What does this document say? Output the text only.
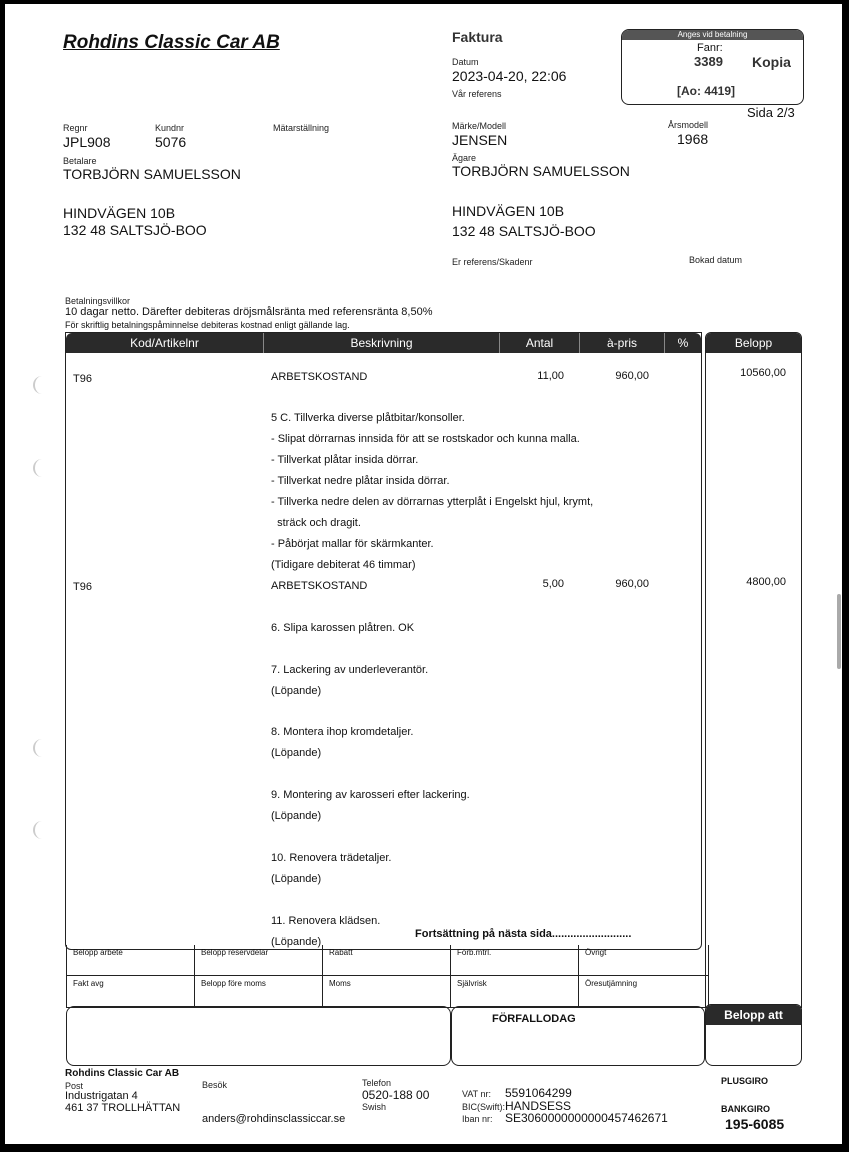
Rohdins Classic Car AB	Faktura
Datum
2023-04-20, 22:06
Vår referens
Anges vid betalning
Fanr:
3389 Kopia
[Ao: 4419]
Sida 2/3
Regnr
JPL908
Kundnr
5076
Mätarställning	Märke/Modell
JENSEN
Årsmodell
1968
Betalare
TORBJÖRN SAMUELSSON
HINDVÄGEN 10B
132 48 SALTSJÖ-BOO
Ägare
TORBJÖRN SAMUELSSON
HINDVÄGEN 10B
132 48 SALTSJÖ-BOO
Er referens/Skadenr	Bokad datum
Betalningsvillkor
10 dagar netto. Därefter debiteras dröjsmålsränta med referensränta 8,50%
För skriftlig betalningspåminnelse debiteras kostnad enligt gällande lag.
Kod/Artikelnr	Beskrivning	Antal	à-pris	%	Belopp
T96	ARBETSKOSTAND	11,00	960,00	10560,00
5 C. Tillverka diverse plåtbitar/konsoller.
- Slipat dörrarnas innsida för att se rostskador och kunna malla.
- Tillverkat plåtar insida dörrar.
- Tillverkat nedre plåtar insida dörrar.
- Tillverka nedre delen av dörrarnas ytterplåt i Engelskt hjul, krymt,
sträck och dragit.
- Påbörjat mallar för skärmkanter.
(Tidigare debiterat 46 timmar)
T96	ARBETSKOSTAND	5,00	960,00	4800,00
6. Slipa karossen plåtren. OK
7. Lackering av underleverantör.
(Löpande)
8. Montera ihop kromdetaljer.
(Löpande)
9. Montering av karosseri efter lackering.
(Löpande)
10. Renovera trädetaljer.
(Löpande)
11. Renovera klädsen.
(Löpande)
Fortsättning på nästa sida..........................
Belopp arbete	Belopp reservdelar	Rabatt	Förb.mtrl.	Övrigt
Fakt avg	Belopp före moms	Moms	Självrisk	Öresutjämning
FÖRFALLODAG	Belopp att betala
Rohdins Classic Car AB
Post
Industrigatan 4
461 37 TROLLHÄTTAN
Besök
anders@rohdinsclassiccar.se
Telefon
0520-188 00
Swish
VAT nr: 5591064299
BIC(Swift): HANDSESS
Iban nr: SE3060000000000457462671
PLUSGIRO
BANKGIRO
195-6085
